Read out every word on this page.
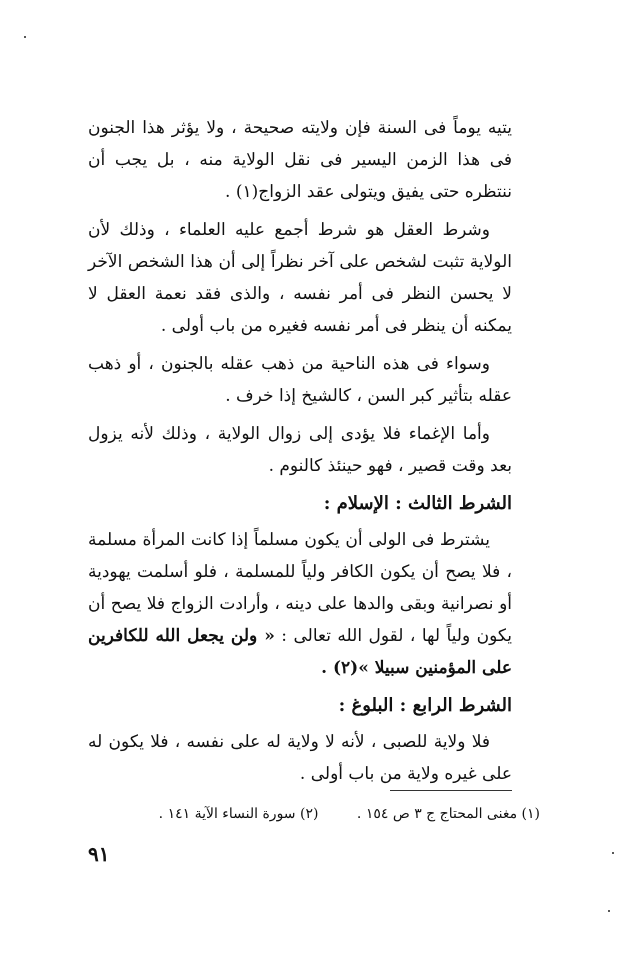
يتيه يوماً فى السنة فإن ولايته صحيحة ، ولا يؤثر هذا الجنون فى هذا الزمن اليسير فى نقل الولاية منه ، بل يجب أن ننتظره حتى يفيق ويتولى عقد الزواج(١) .

وشرط العقل هو شرط أجمع عليه العلماء ، وذلك لأن الولاية تثبت لشخص على آخر نظراً إلى أن هذا الشخص الآخر لا يحسن النظر فى أمر نفسه ، والذى فقد نعمة العقل لا يمكنه أن ينظر فى أمر نفسه فغيره من باب أولى .

وسواء فى هذه الناحية من ذهب عقله بالجنون ، أو ذهب عقله بتأثير كبر السن ، كالشيخ إذا خرف .

وأما الإغماء فلا يؤدى إلى زوال الولاية ، وذلك لأنه يزول بعد وقت قصير ، فهو حينئذ كالنوم .

الشرط الثالث : الإسلام :

يشترط فى الولى أن يكون مسلماً إذا كانت المرأة مسلمة ، فلا يصح أن يكون الكافر ولياً للمسلمة ، فلو أسلمت يهودية أو نصرانية وبقى والدها على دينه ، وأرادت الزواج فلا يصح أن يكون ولياً لها ، لقول الله تعالى : « ولن يجعل الله للكافرين على المؤمنين سبيلا »(٢) .

الشرط الرابع : البلوغ :

فلا ولاية للصبى ، لأنه لا ولاية له على نفسه ، فلا يكون له على غيره ولاية من باب أولى .

(١) مغنى المحتاج ج ٣ ص ١٥٤ . (٢) سورة النساء الآية ١٤١ .
٩١
